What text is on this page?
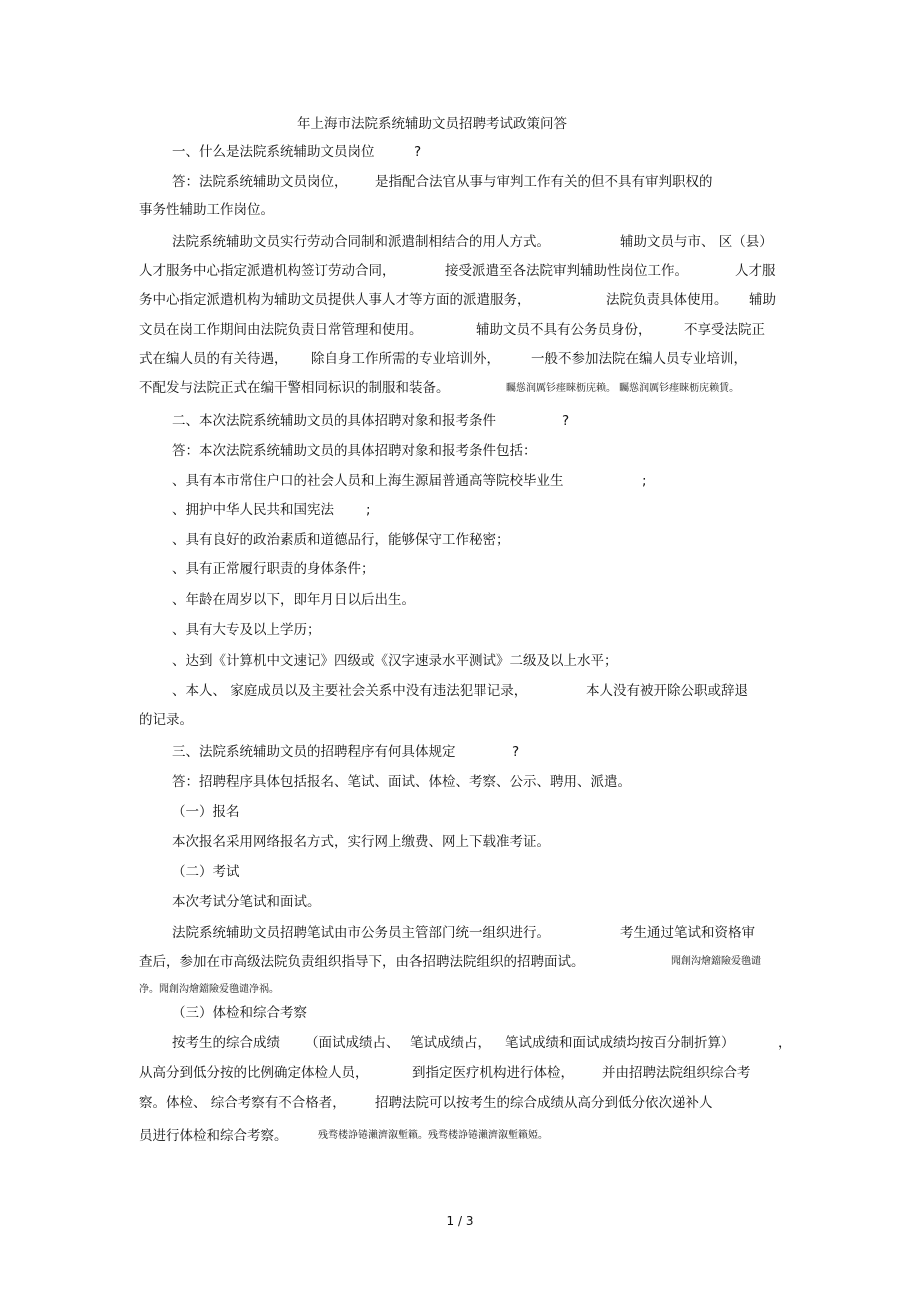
年上海市法院系统辅助文员招聘考试政策问答
一、什么是法院系统辅助文员岗位	?
答：法院系统辅助文员岗位， 是指配合法官从事与审判工作有关的但不具有审判职权的
事务性辅助工作岗位。
法院系统辅助文员实行劳动合同制和派遣制相结合的用人方式。	辅助文员与市、 区（县）
人才服务中心指定派遣机构签订劳动合同，	接受派遣至各法院审判辅助性岗位工作。	人才服
务中心指定派遣机构为辅助文员提供人事人才等方面的派遣服务，	法院负责具体使用。 辅助
文员在岗工作期间由法院负责日常管理和使用。	辅助文员不具有公务员身份， 不享受法院正
式在编人员的有关待遇， 除自身工作所需的专业培训外， 一般不参加法院在编人员专业培训，
不配发与法院正式在编干警相同标识的制服和装备。	矚慫润厲钐瘗睞枥庑赖。 矚慫润厲钐瘗睞枥庑赖賃。
二、本次法院系统辅助文员的具体招聘对象和报考条件	?
答：本次法院系统辅助文员的具体招聘对象和报考条件包括：
、具有本市常住户口的社会人员和上海生源届普通高等院校毕业生	;
、拥护中华人民共和国宪法 ;
、具有良好的政治素质和道德品行，能够保守工作秘密；
、具有正常履行职责的身体条件；
、年龄在周岁以下，即年月日以后出生。
、具有大专及以上学历；
、达到《计算机中文速记》四级或《汉字速录水平测试》二级及以上水平；
、本人、 家庭成员以及主要社会关系中没有违法犯罪记录，	本人没有被开除公职或辞退
的记录。
三、法院系统辅助文员的招聘程序有何具体规定	?
答：招聘程序具体包括报名、笔试、面试、体检、考察、公示、聘用、派遣。
（一）报名
本次报名采用网络报名方式，实行网上缴费、网上下载准考证。
（二）考试
本次考试分笔试和面试。
法院系统辅助文员招聘笔试由市公务员主管部门统一组织进行。	考生通过笔试和资格审
查后，参加在市高级法院负责组织指导下，由各招聘法院组织的招聘面试。	聞創沟燴鐺險爱氇谴
净。聞創沟燴鐺險爱氇谴净祸。
（三）体检和综合考察
按考生的综合成绩 （面试成绩占、 笔试成绩占， 笔试成绩和面试成绩均按百分制折算）	，
从高分到低分按的比例确定体检人员，	到指定医疗机构进行体检， 并由招聘法院组织综合考
察。体检、 综合考察有不合格者， 招聘法院可以按考生的综合成绩从高分到低分依次递补人
员进行体检和综合考察。	残骛楼諍锩瀨濟溆塹籟。残骛楼諍锩瀨濟溆塹籟婭。
1 / 3
